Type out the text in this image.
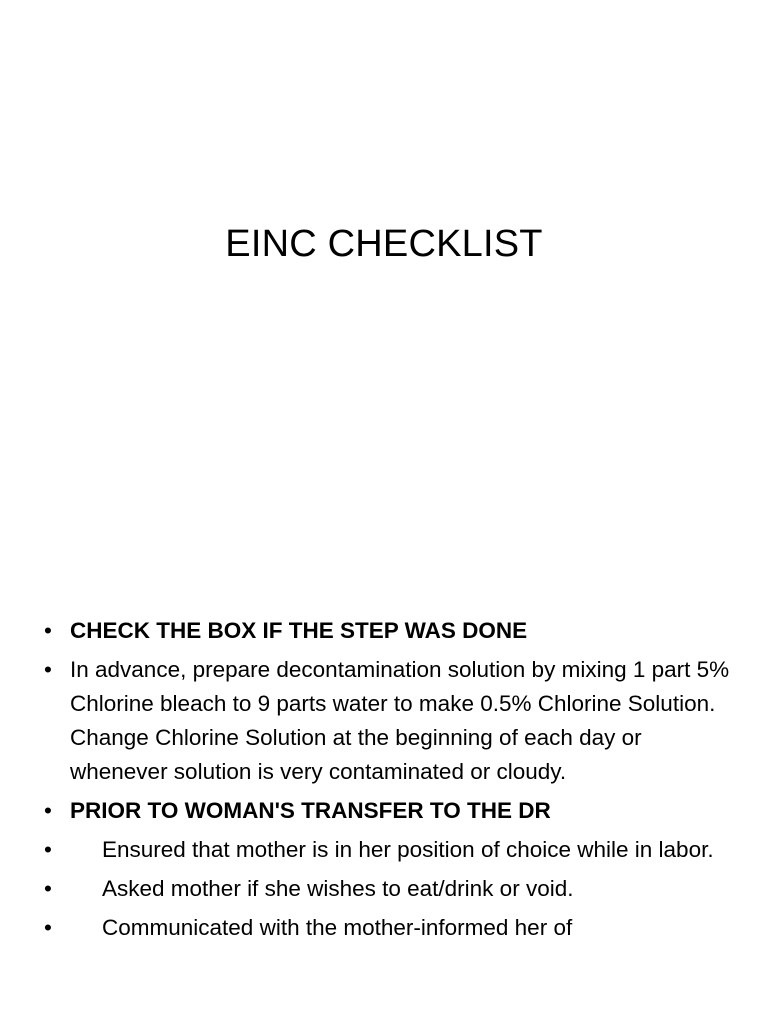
EINC CHECKLIST
• CHECK THE BOX IF THE STEP WAS DONE
• In advance, prepare decontamination solution by mixing 1 part 5% Chlorine bleach to 9 parts water to make 0.5% Chlorine Solution. Change Chlorine Solution at the beginning of each day or whenever solution is very contaminated or cloudy.
• PRIOR TO WOMAN'S TRANSFER TO THE DR
•	Ensured that mother is in her position of choice while in labor.
•	Asked mother if she wishes to eat/drink or void.
•	Communicated with the mother-informed her of
